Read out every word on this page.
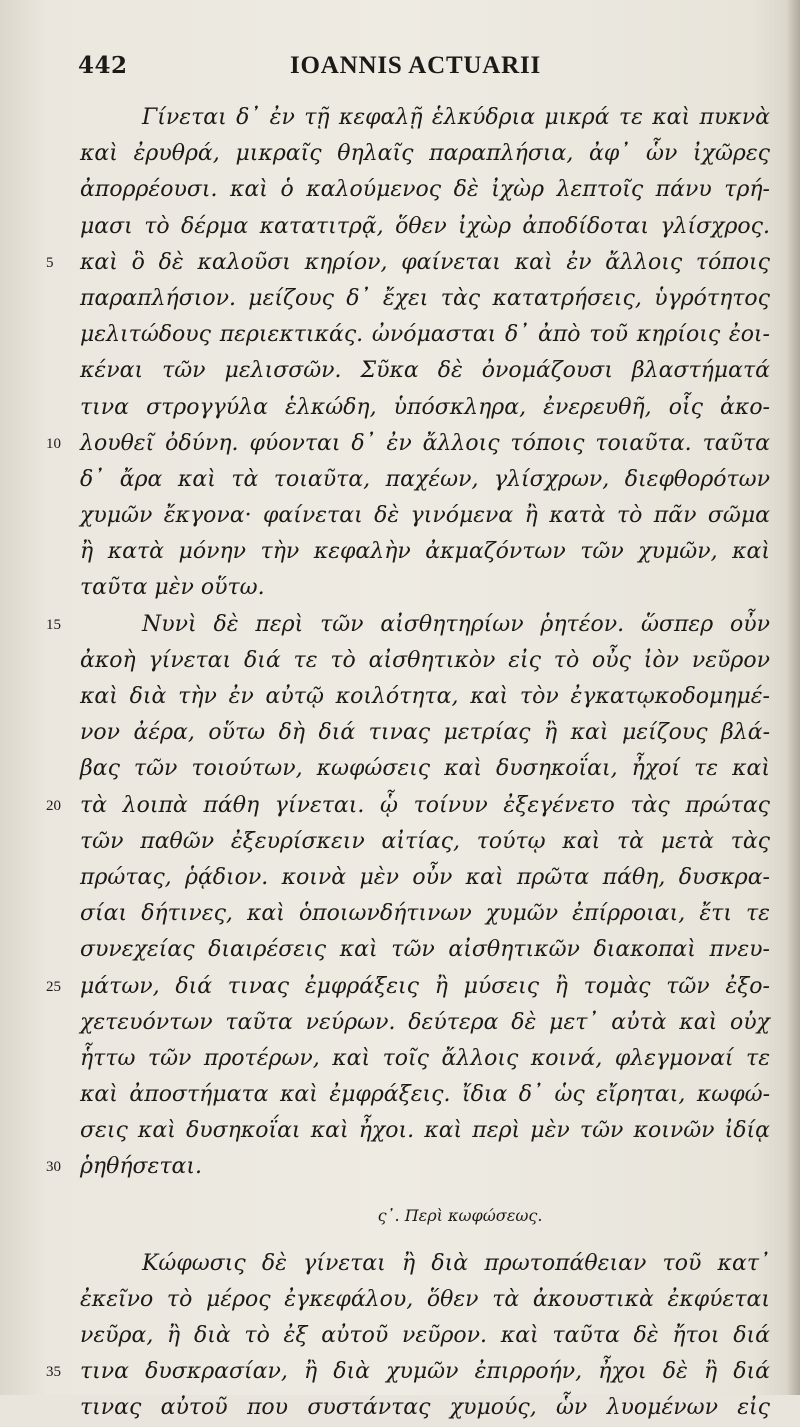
442	IOANNIS ACTUARII
Γίνεται δ᾽ ἐν τῇ κεφαλῇ ἑλκύδρια μικρά τε καὶ πυκνὰ
καὶ ἐρυθρά, μικραῖς θηλαῖς παραπλήσια, ἀφ᾽ ὧν ἰχῶρες
ἀπορρέουσι. καὶ ὁ καλούμενος δὲ ἰχὼρ λεπτοῖς πάνυ τρή-
μασι τὸ δέρμα κατατιτρᾷ, ὅθεν ἰχὼρ ἀποδίδοται γλίσχρος.
5	καὶ ὃ δὲ καλοῦσι κηρίον, φαίνεται καὶ ἐν ἄλλοις τόποις
παραπλήσιον. μείζους δ᾽ ἔχει τὰς κατατρήσεις, ὑγρότητος
μελιτώδους περιεκτικάς. ὠνόμασται δ᾽ ἀπὸ τοῦ κηρίοις ἐοι-
κέναι τῶν μελισσῶν. Σῦκα δὲ ὀνομάζουσι βλαστήματά
τινα στρογγύλα ἑλκώδη, ὑπόσκληρα, ἐνερευθῆ, οἷς ἀκο-
10 λουθεῖ ὀδύνη. φύονται δ᾽ ἐν ἄλλοις τόποις τοιαῦτα. ταῦτα
δ᾽ ἄρα καὶ τὰ τοιαῦτα, παχέων, γλίσχρων, διεφθορότων
χυμῶν ἔκγονα· φαίνεται δὲ γινόμενα ἢ κατὰ τὸ πᾶν σῶμα
ἢ κατὰ μόνην τὴν κεφαλὴν ἀκμαζόντων τῶν χυμῶν, καὶ
ταῦτα μὲν οὕτω.
15	Νυνὶ δὲ περὶ τῶν αἰσθητηρίων ῥητέον. ὥσπερ οὖν
ἀκοὴ γίνεται διά τε τὸ αἰσθητικὸν εἰς τὸ οὖς ἰὸν νεῦρον
καὶ διὰ τὴν ἐν αὐτῷ κοιλότητα, καὶ τὸν ἐγκατῳκοδομημέ-
νον ἀέρα, οὕτω δὴ διά τινας μετρίας ἢ καὶ μείζους βλά-
βας τῶν τοιούτων, κωφώσεις καὶ δυσηκοΐαι, ἦχοί τε καὶ
20 τὰ λοιπὰ πάθη γίνεται. ᾧ τοίνυν ἐξεγένετο τὰς πρώτας
τῶν παθῶν ἐξευρίσκειν αἰτίας, τούτῳ καὶ τὰ μετὰ τὰς
πρώτας, ῥᾴδιον. κοινὰ μὲν οὖν καὶ πρῶτα πάθη, δυσκρα-
σίαι δήτινες, καὶ ὁποιωνδήτινων χυμῶν ἐπίρροιαι, ἔτι τε
συνεχείας διαιρέσεις καὶ τῶν αἰσθητικῶν διακοπαὶ πνευ-
25 μάτων, διά τινας ἐμφράξεις ἢ μύσεις ἢ τομὰς τῶν ἐξο-
χετευόντων ταῦτα νεύρων. δεύτερα δὲ μετ᾽ αὐτὰ καὶ οὐχ
ἧττω τῶν προτέρων, καὶ τοῖς ἄλλοις κοινά, φλεγμοναί τε
καὶ ἀποστήματα καὶ ἐμφράξεις. ἴδια δ᾽ ὡς εἴρηται, κωφώ-
σεις καὶ δυσηκοΐαι καὶ ἦχοι. καὶ περὶ μὲν τῶν κοινῶν ἰδίᾳ
30 ῥηθήσεται.
ς᾽. Περὶ κωφώσεως.
Κώφωσις δὲ γίνεται ἢ διὰ πρωτοπάθειαν τοῦ κατ᾽
ἐκεῖνο τὸ μέρος ἐγκεφάλου, ὅθεν τὰ ἀκουστικὰ ἐκφύεται
νεῦρα, ἢ διὰ τὸ ἐξ αὐτοῦ νεῦρον. καὶ ταῦτα δὲ ἤτοι διά
35 τινα δυσκρασίαν, ἢ διὰ χυμῶν ἐπιρροήν, ἦχοι δὲ ἢ διά
τινας αὐτοῦ που συστάντας χυμούς, ὧν λυομένων εἰς
